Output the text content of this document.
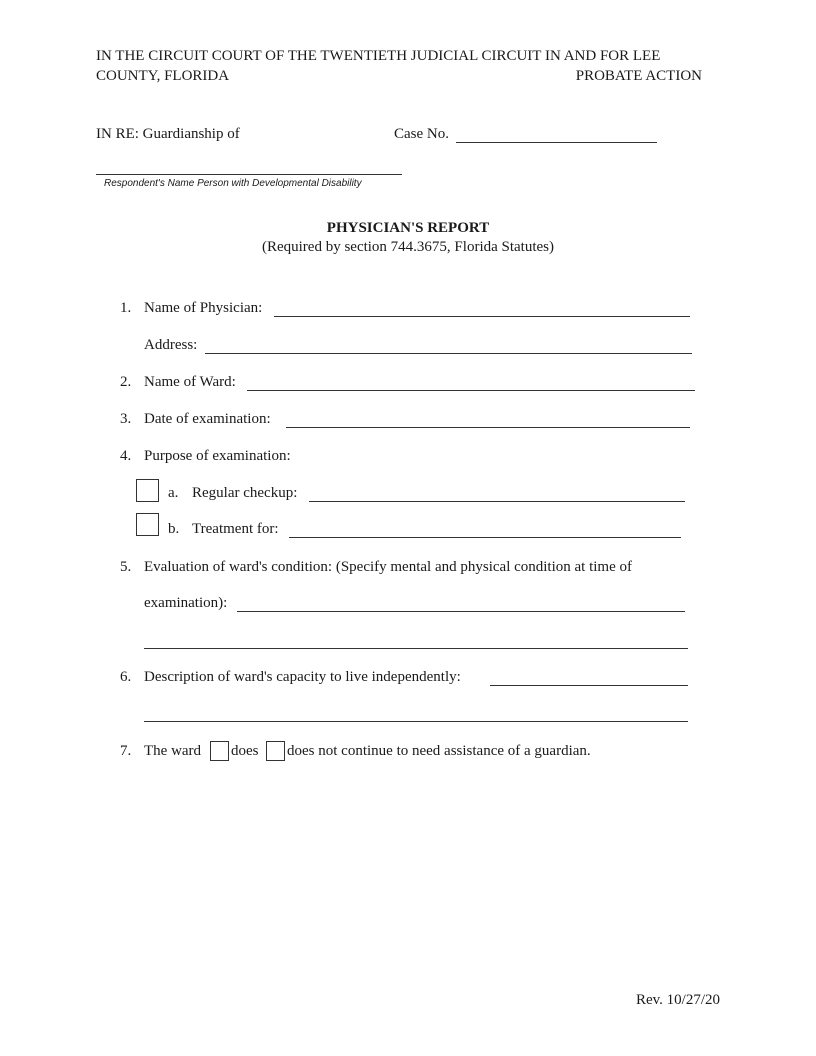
IN THE CIRCUIT COURT OF THE TWENTIETH JUDICIAL CIRCUIT IN AND FOR LEE
COUNTY, FLORIDA	PROBATE ACTION
IN RE: Guardianship of	Case No.
Respondent's Name Person with Developmental Disability
PHYSICIAN'S REPORT
(Required by section 744.3675, Florida Statutes)
1. Name of Physician:
Address:
2. Name of Ward:
3. Date of examination:
4. Purpose of examination:
a. Regular checkup:
b. Treatment for:
5. Evaluation of ward's condition: (Specify mental and physical condition at time of
examination):
6. Description of ward's capacity to live independently:
7. The ward does does not continue to need assistance of a guardian.
Rev. 10/27/20
